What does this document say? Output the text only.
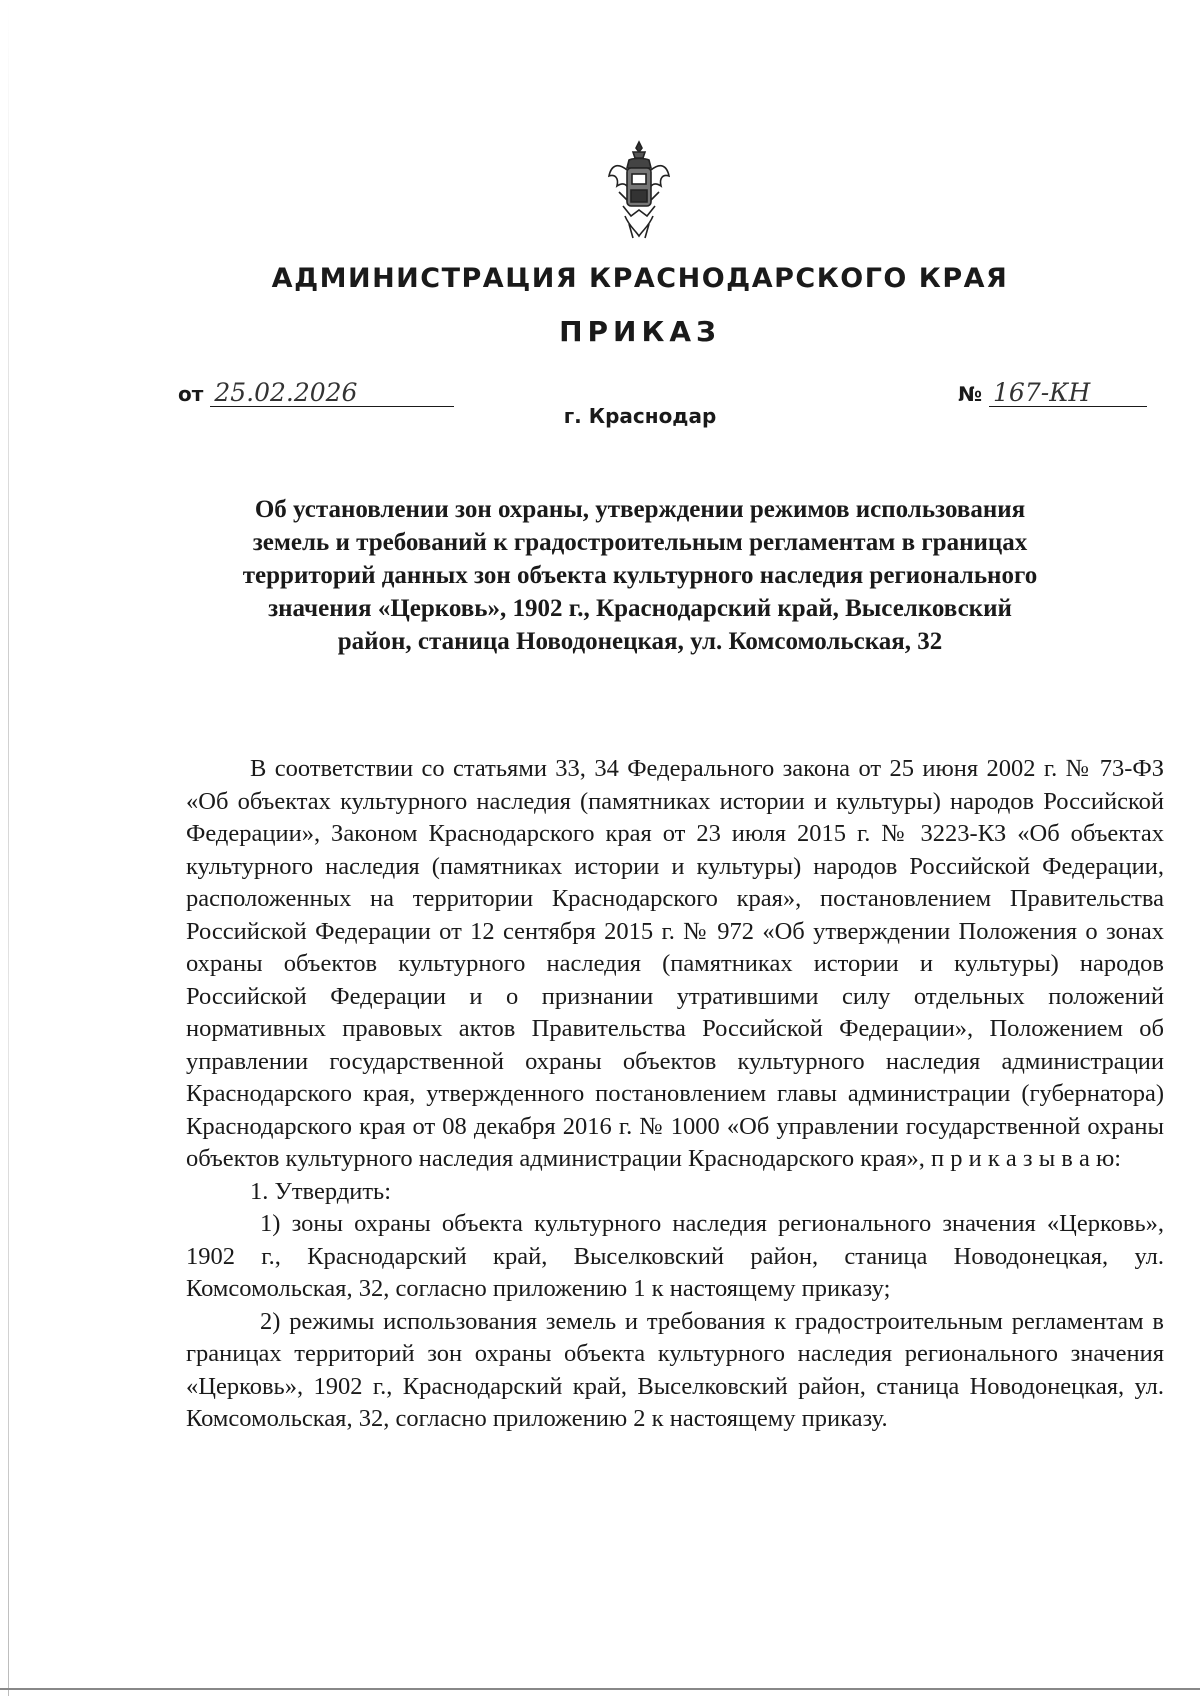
АДМИНИСТРАЦИЯ КРАСНОДАРСКОГО КРАЯ
ПРИКАЗ
от 25.02.2026	№ 167-КН
г. Краснодар
Об установлении зон охраны, утверждении режимов использования земель и требований к градостроительным регламентам в границах территорий данных зон объекта культурного наследия регионального значения «Церковь», 1902 г., Краснодарский край, Выселковский район, станица Новодонецкая, ул. Комсомольская, 32

В соответствии со статьями 33, 34 Федерального закона от 25 июня 2002 г. № 73-ФЗ «Об объектах культурного наследия (памятниках истории и культуры) народов Российской Федерации», Законом Краснодарского края от 23 июля 2015 г. № 3223-КЗ «Об объектах культурного наследия (памятниках истории и культуры) народов Российской Федерации, расположенных на территории Краснодарского края», постановлением Правительства Российской Федерации от 12 сентября 2015 г. № 972 «Об утверждении Положения о зонах охраны объектов культурного наследия (памятниках истории и культуры) народов Российской Федерации и о признании утратившими силу отдельных положений нормативных правовых актов Правительства Российской Федерации», Положением об управлении государственной охраны объектов культурного наследия администрации Краснодарского края, утвержденного постановлением главы администрации (губернатора) Краснодарского края от 08 декабря 2016 г. № 1000 «Об управлении государственной охраны объектов культурного наследия администрации Краснодарского края», п р и к а з ы в а ю:

1. Утвердить:

1) зоны охраны объекта культурного наследия регионального значения «Церковь», 1902 г., Краснодарский край, Выселковский район, станица Новодонецкая, ул. Комсомольская, 32, согласно приложению 1 к настоящему приказу;

2) режимы использования земель и требования к градостроительным регламентам в границах территорий зон охраны объекта культурного наследия регионального значения «Церковь», 1902 г., Краснодарский край, Выселковский район, станица Новодонецкая, ул. Комсомольская, 32, согласно приложению 2 к настоящему приказу.
